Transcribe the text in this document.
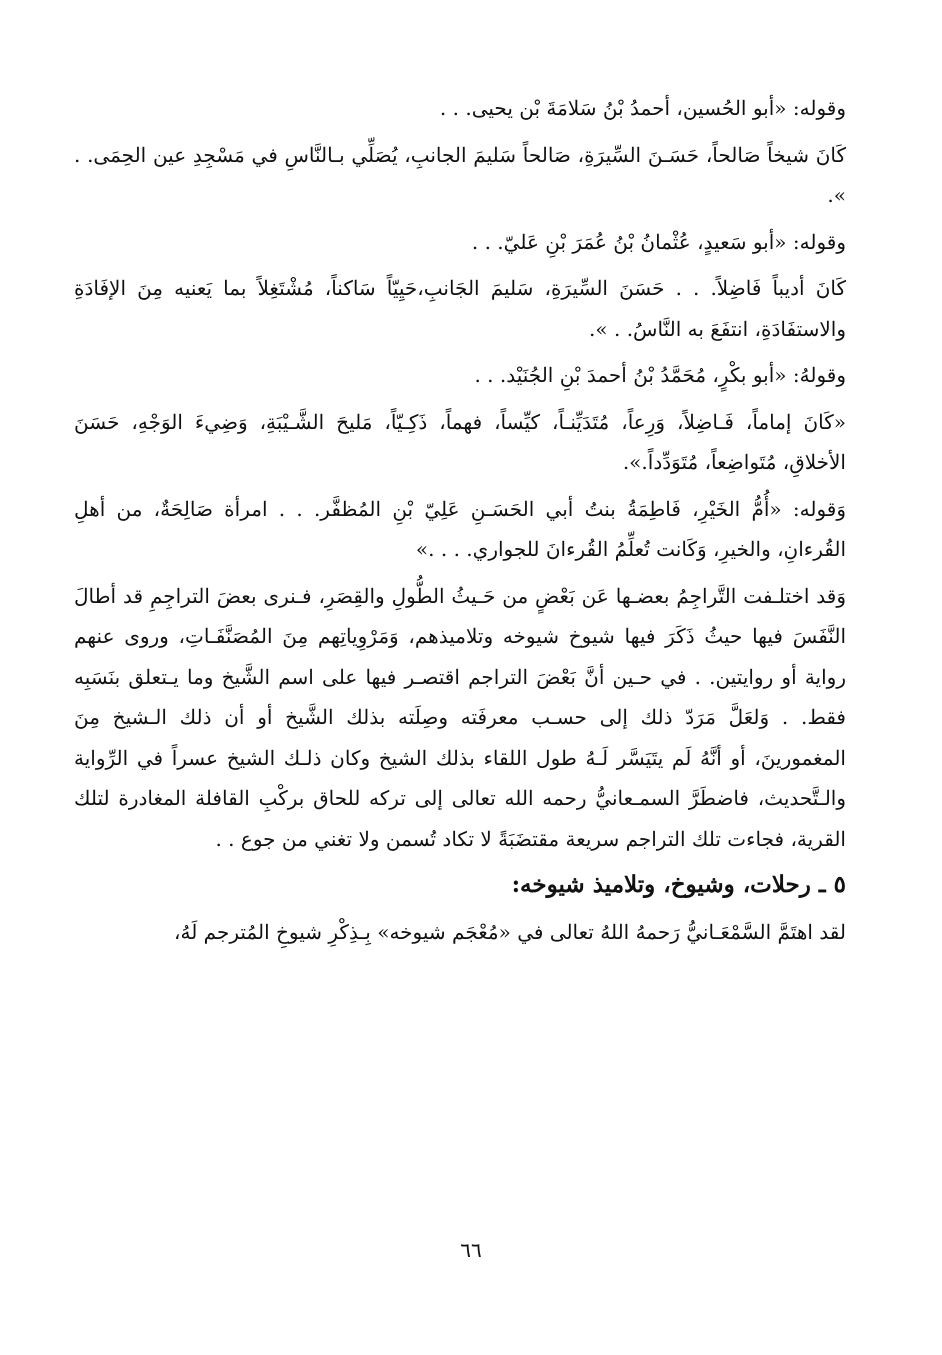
وقوله: «أبو الحُسين، أحمدُ بْنُ سَلامَةَ بْن يحيى. . .

كَانَ شيخاً صَالحاً، حَسَـنَ السِّيرَةِ، صَالحاً سَليمَ الجانبِ، يُصَلِّي بـالنَّاسِ في مَسْجِدِ عين الحِمَى. . ».

وقوله: «أبو سَعيدٍ، عُثْمانُ بْنُ عُمَرَ بْنِ عَليّ. . .

كَانَ أديباً فَاضِلاً. . . حَسَنَ السِّيرَةِ، سَليمَ الجَانبِ،حَيِيّاً سَاكناً، مُشْتَغِلاً بما يَعنيه مِنَ الإفَادَةِ والاستفَادَةِ، انتفَعَ به النَّاسُ. . ».

وقولهُ: «أبو بكْرٍ، مُحَمَّدُ بْنُ أحمدَ بْنِ الجُنَيْد. . .

«كَانَ إماماً، فَـاضِلاً، وَرِعاً، مُتَدَيِّنـاً، كيِّساً، فهماً، ذَكِـيّاً، مَليحَ الشَّـيْبَةِ، وَضِيءَ الوَجْهِ، حَسَنَ الأخلاقِ، مُتَواضِعاً، مُتَوَدِّداً.».

وَقوله: «أُمُّ الخَيْرِ، فَاطِمَةُ بنتُ أبي الحَسَـنِ عَلِيّ بْنِ المُظفَّر. . . امرأة صَالِحَةٌ، من أهلِ القُرءانِ، والخيرِ، وَكَانت تُعلِّمُ القُرءانَ للجواري. . . .»

وَقد اختلـفت التَّراجِمُ بعضـها عَن بَعْضٍ من حَـيثُ الطُّولِ والقِصَرِ، فـنرى بعضَ التراجِمِ قد أطالَ النَّفَسَ فيها حيثُ ذَكَرَ فيها شيوخ شيوخه وتلاميذهم، وَمَرْوِياتِهم مِنَ المُصَنَّفَـاتِ، وروى عنهم رواية أو روايتين. . في حـين أنَّ بَعْضَ التراجم اقتصـر فيها على اسم الشَّيخ وما يـتعلق بنَسَبِه فقط. . وَلعَلَّ مَرَدّ ذلك إلى حسـب معرفَته وصِلَته بذلك الشَّيخ أو أن ذلك الـشيخ مِنَ المغمورينَ، أو أنَّهُ لَم يتَيَسَّر لَـهُ طول اللقاء بذلك الشيخ وكان ذلـك الشيخ عسراً في الرِّواية والـتَّحديث، فاضطَرَّ السمـعانيُّ رحمه الله تعالى إلى تركه للحاق بركْبِ القافلة المغادرة لتلك القرية، فجاءت تلك التراجم سريعة مقتضَبَةً لا تكاد تُسمن ولا تغني من جوع . .

٥ ـ رحلات، وشيوخ، وتلاميذ شيوخه:

لقد اهتَمَّ السَّمْعَـانيُّ رَحمهُ اللهُ تعالى في «مُعْجَم شيوخه» بِـذِكْرِ شيوخِ المُترجم لَهُ،

٦٦
